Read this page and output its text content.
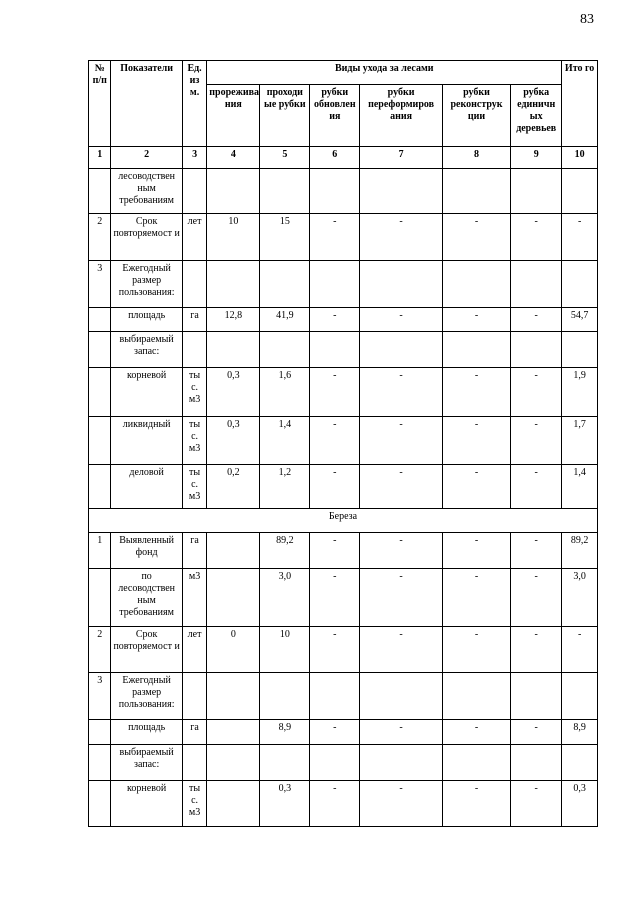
83
№ п/п	Показатели	Ед. из м.	Виды ухода за лесами						Ито го
			прорежива ния	проходи ые рубки	рубки обновлен ия	рубки переформиров ания	рубки реконструк ции	рубка единичн ых деревьев	
1	2	3	4	5	6	7	8	9	10
	лесоводствен ным требованиям								
2	Срок повторяемост и	лет	10	15	-	-	-	-	-
3	Ежегодный размер пользования:								
	площадь	га	12,8	41,9	-	-	-	-	54,7
	выбираемый запас:								
	корневой	ты с. м3	0,3	1,6	-	-	-	-	1,9
	ликвидный	ты с. м3	0,3	1,4	-	-	-	-	1,7
	деловой	ты с. м3	0,2	1,2	-	-	-	-	1,4
Береза									
1	Выявленный фонд	га		89,2	-	-	-	-	89,2
	по лесоводствен ным требованиям	м3		3,0	-	-	-	-	3,0
2	Срок повторяемост и	лет	0	10	-	-	-	-	-
3	Ежегодный размер пользования:								
	площадь	га		8,9	-	-	-	-	8,9
	выбираемый запас:								
	корневой	ты с. м3		0,3	-	-	-	-	0,3
